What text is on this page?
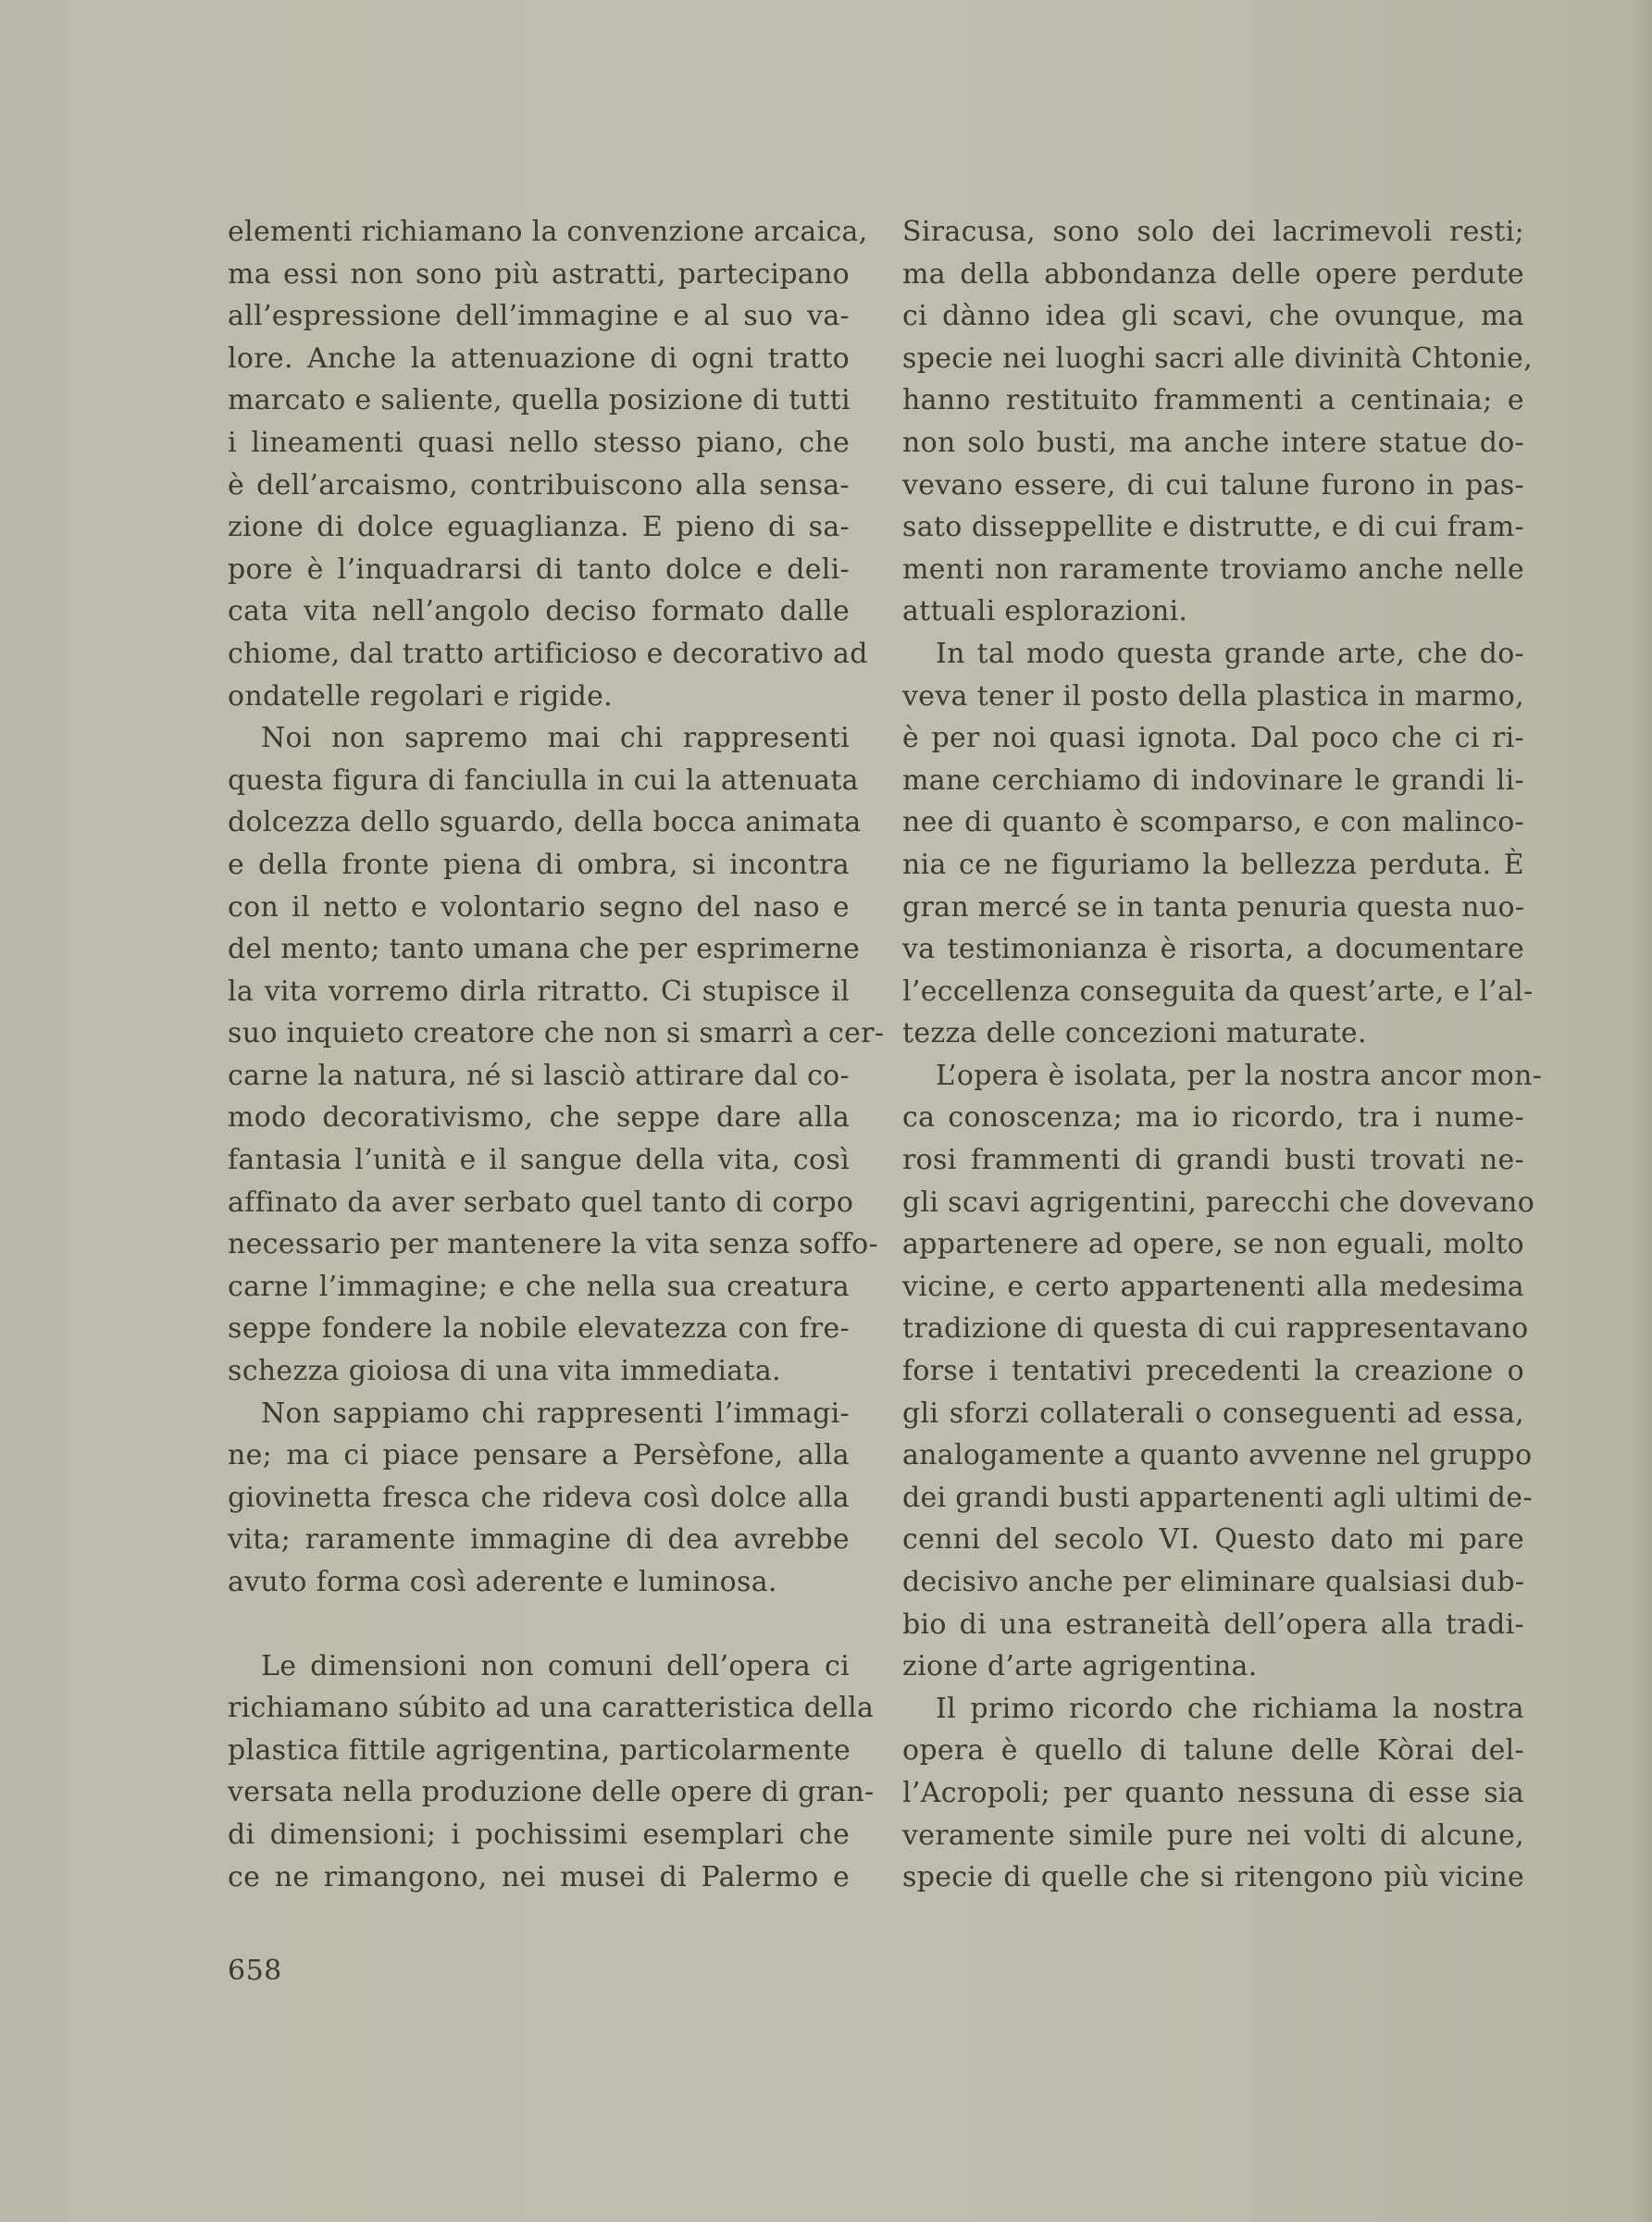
elementi richiamano la convenzione arcaica,
ma essi non sono più astratti, partecipano
all’espressione dell’immagine e al suo va-
lore. Anche la attenuazione di ogni tratto
marcato e saliente, quella posizione di tutti
i lineamenti quasi nello stesso piano, che
è dell’arcaismo, contribuiscono alla sensa-
zione di dolce eguaglianza. E pieno di sa-
pore è l’inquadrarsi di tanto dolce e deli-
cata vita nell’angolo deciso formato dalle
chiome, dal tratto artificioso e decorativo ad
ondatelle regolari e rigide.
Noi non sapremo mai chi rappresenti
questa figura di fanciulla in cui la attenuata
dolcezza dello sguardo, della bocca animata
e della fronte piena di ombra, si incontra
con il netto e volontario segno del naso e
del mento; tanto umana che per esprimerne
la vita vorremo dirla ritratto. Ci stupisce il
suo inquieto creatore che non si smarrì a cer-
carne la natura, né si lasciò attirare dal co-
modo decorativismo, che seppe dare alla
fantasia l’unità e il sangue della vita, così
affinato da aver serbato quel tanto di corpo
necessario per mantenere la vita senza soffo-
carne l’immagine; e che nella sua creatura
seppe fondere la nobile elevatezza con fre-
schezza gioiosa di una vita immediata.
Non sappiamo chi rappresenti l’immagi-
ne; ma ci piace pensare a Persèfone, alla
giovinetta fresca che rideva così dolce alla
vita; raramente immagine di dea avrebbe
avuto forma così aderente e luminosa.
Le dimensioni non comuni dell’opera ci
richiamano súbito ad una caratteristica della
plastica fittile agrigentina, particolarmente
versata nella produzione delle opere di gran-
di dimensioni; i pochissimi esemplari che
ce ne rimangono, nei musei di Palermo e
Siracusa, sono solo dei lacrimevoli resti;
ma della abbondanza delle opere perdute
ci dànno idea gli scavi, che ovunque, ma
specie nei luoghi sacri alle divinità Chtonie,
hanno restituito frammenti a centinaia; e
non solo busti, ma anche intere statue do-
vevano essere, di cui talune furono in pas-
sato disseppellite e distrutte, e di cui fram-
menti non raramente troviamo anche nelle
attuali esplorazioni.
In tal modo questa grande arte, che do-
veva tener il posto della plastica in marmo,
è per noi quasi ignota. Dal poco che ci ri-
mane cerchiamo di indovinare le grandi li-
nee di quanto è scomparso, e con malinco-
nia ce ne figuriamo la bellezza perduta. È
gran mercé se in tanta penuria questa nuo-
va testimonianza è risorta, a documentare
l’eccellenza conseguita da quest’arte, e l’al-
tezza delle concezioni maturate.
L’opera è isolata, per la nostra ancor mon-
ca conoscenza; ma io ricordo, tra i nume-
rosi frammenti di grandi busti trovati ne-
gli scavi agrigentini, parecchi che dovevano
appartenere ad opere, se non eguali, molto
vicine, e certo appartenenti alla medesima
tradizione di questa di cui rappresentavano
forse i tentativi precedenti la creazione o
gli sforzi collaterali o conseguenti ad essa,
analogamente a quanto avvenne nel gruppo
dei grandi busti appartenenti agli ultimi de-
cenni del secolo VI. Questo dato mi pare
decisivo anche per eliminare qualsiasi dub-
bio di una estraneità dell’opera alla tradi-
zione d’arte agrigentina.
Il primo ricordo che richiama la nostra
opera è quello di talune delle Kòrai del-
l’Acropoli; per quanto nessuna di esse sia
veramente simile pure nei volti di alcune,
specie di quelle che si ritengono più vicine
658
